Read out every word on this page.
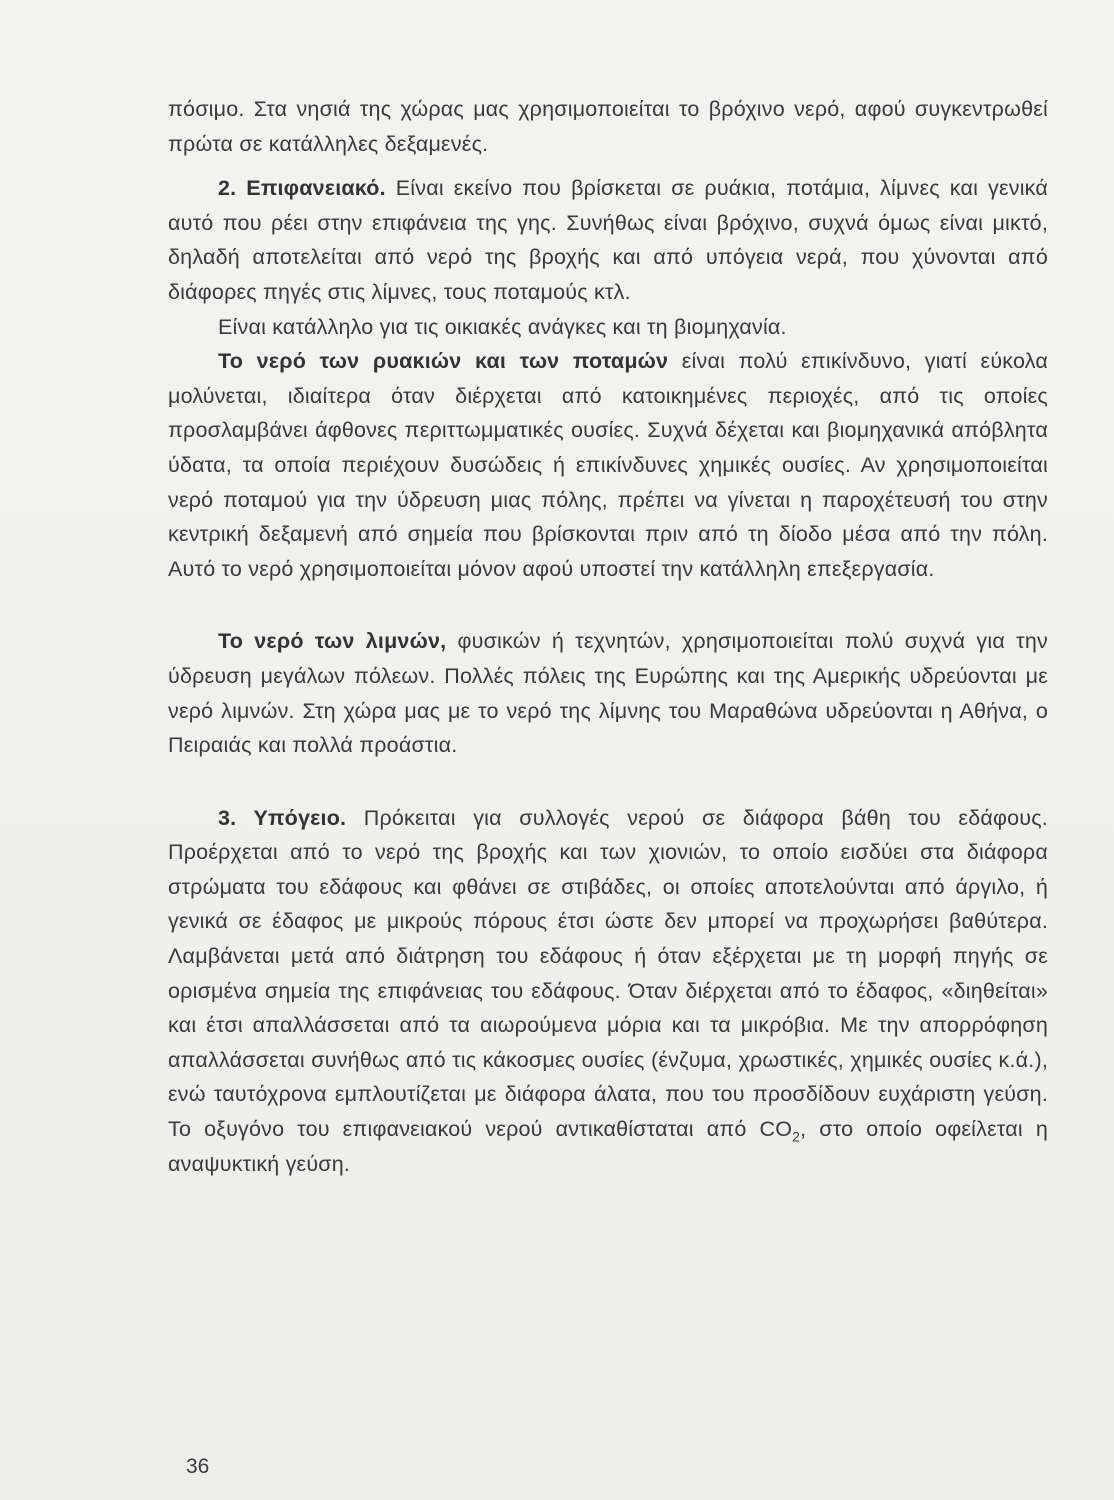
πόσιμο. Στα νησιά της χώρας μας χρησιμοποιείται το βρόχινο νερό, αφού συγκεντρωθεί πρώτα σε κατάλληλες δεξαμενές.

2. Επιφανειακό. Είναι εκείνο που βρίσκεται σε ρυάκια, ποτάμια, λίμνες και γενικά αυτό που ρέει στην επιφάνεια της γης. Συνήθως είναι βρόχινο, συχνά όμως είναι μικτό, δηλαδή αποτελείται από νερό της βροχής και από υπόγεια νερά, που χύνονται από διάφορες πηγές στις λίμνες, τους ποταμούς κτλ.

Είναι κατάλληλο για τις οικιακές ανάγκες και τη βιομηχανία.

Το νερό των ρυακιών και των ποταμών είναι πολύ επικίνδυνο, γιατί εύκολα μολύνεται, ιδιαίτερα όταν διέρχεται από κατοικημένες περιοχές, από τις οποίες προσλαμβάνει άφθονες περιττωμματικές ουσίες. Συχνά δέχεται και βιομηχανικά απόβλητα ύδατα, τα οποία περιέχουν δυσώδεις ή επικίνδυνες χημικές ουσίες. Αν χρησιμοποιείται νερό ποταμού για την ύδρευση μιας πόλης, πρέπει να γίνεται η παροχέτευσή του στην κεντρική δεξαμενή από σημεία που βρίσκονται πριν από τη δίοδο μέσα από την πόλη. Αυτό το νερό χρησιμοποιείται μόνον αφού υποστεί την κατάλληλη επεξεργασία.

Το νερό των λιμνών, φυσικών ή τεχνητών, χρησιμοποιείται πολύ συχνά για την ύδρευση μεγάλων πόλεων. Πολλές πόλεις της Ευρώπης και της Αμερικής υδρεύονται με νερό λιμνών. Στη χώρα μας με το νερό της λίμνης του Μαραθώνα υδρεύονται η Αθήνα, ο Πειραιάς και πολλά προάστια.

3. Υπόγειο. Πρόκειται για συλλογές νερού σε διάφορα βάθη του εδάφους. Προέρχεται από το νερό της βροχής και των χιονιών, το οποίο εισδύει στα διάφορα στρώματα του εδάφους και φθάνει σε στιβάδες, οι οποίες αποτελούνται από άργιλο, ή γενικά σε έδαφος με μικρούς πόρους έτσι ώστε δεν μπορεί να προχωρήσει βαθύτερα. Λαμβάνεται μετά από διάτρηση του εδάφους ή όταν εξέρχεται με τη μορφή πηγής σε ορισμένα σημεία της επιφάνειας του εδάφους. Όταν διέρχεται από το έδαφος, «διηθείται» και έτσι απαλλάσσεται από τα αιωρούμενα μόρια και τα μικρόβια. Με την απορρόφηση απαλλάσσεται συνήθως από τις κάκοσμες ουσίες (ένζυμα, χρωστικές, χημικές ουσίες κ.ά.), ενώ ταυτόχρονα εμπλουτίζεται με διάφορα άλατα, που του προσδίδουν ευχάριστη γεύση. Το οξυγόνο του επιφανειακού νερού αντικαθίσταται από $CO_2$, στο οποίο οφείλεται η αναψυκτική γεύση.

36
